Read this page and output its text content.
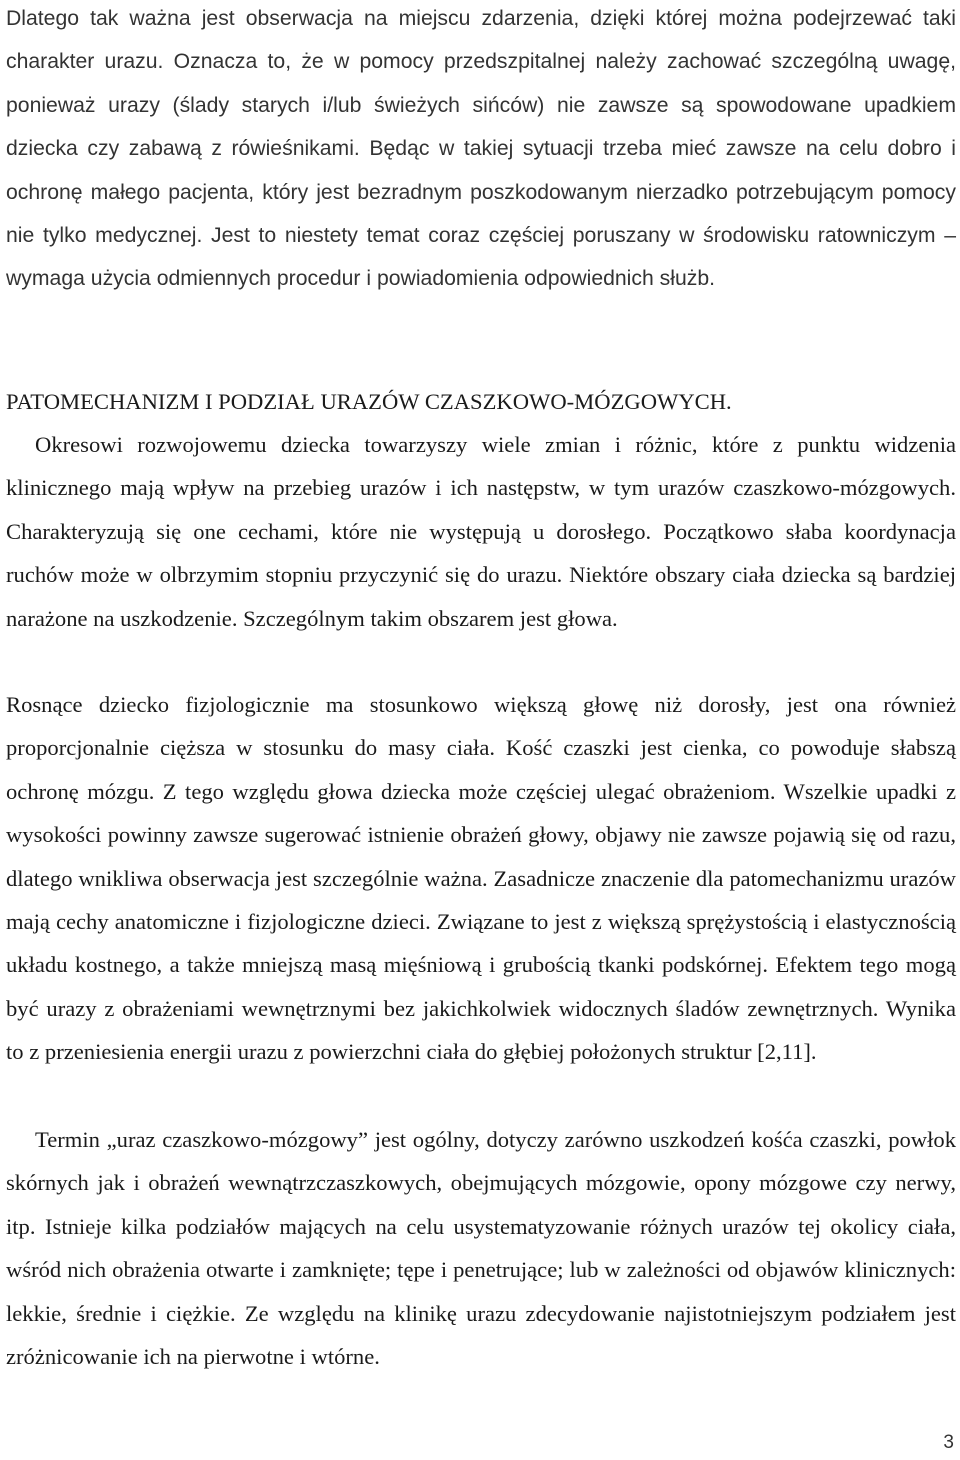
Dlatego tak ważna jest obserwacja na miejscu zdarzenia, dzięki której można podejrzewać taki charakter urazu. Oznacza to, że w pomocy przedszpitalnej należy zachować szczególną uwagę, ponieważ urazy (ślady starych i/lub świeżych sińców) nie zawsze są spowodowane upadkiem dziecka czy zabawą z rówieśnikami. Będąc w takiej sytuacji trzeba mieć zawsze na celu dobro i ochronę małego pacjenta, który jest bezradnym poszkodowanym nierzadko potrzebującym pomocy nie tylko medycznej. Jest to niestety temat coraz częściej poruszany w środowisku ratowniczym – wymaga użycia odmiennych procedur i powiadomienia odpowiednich służb.

PATOMECHANIZM I PODZIAŁ URAZÓW CZASZKOWO-MÓZGOWYCH.

Okresowi rozwojowemu dziecka towarzyszy wiele zmian i różnic, które z punktu widzenia klinicznego mają wpływ na przebieg urazów i ich następstw, w tym urazów czaszkowo-mózgowych. Charakteryzują się one cechami, które nie występują u dorosłego. Początkowo słaba koordynacja ruchów może w olbrzymim stopniu przyczynić się do urazu. Niektóre obszary ciała dziecka są bardziej narażone na uszkodzenie. Szczególnym takim obszarem jest głowa.

Rosnące dziecko fizjologicznie ma stosunkowo większą głowę niż dorosły, jest ona również proporcjonalnie cięższa w stosunku do masy ciała. Kość czaszki jest cienka, co powoduje słabszą ochronę mózgu. Z tego względu głowa dziecka może częściej ulegać obrażeniom. Wszelkie upadki z wysokości powinny zawsze sugerować istnienie obrażeń głowy, objawy nie zawsze pojawią się od razu, dlatego wnikliwa obserwacja jest szczególnie ważna. Zasadnicze znaczenie dla patomechanizmu urazów mają cechy anatomiczne i fizjologiczne dzieci. Związane to jest z większą sprężystością i elastycznością układu kostnego, a także mniejszą masą mięśniową i grubością tkanki podskórnej. Efektem tego mogą być urazy z obrażeniami wewnętrznymi bez jakichkolwiek widocznych śladów zewnętrznych. Wynika to z przeniesienia energii urazu z powierzchni ciała do głębiej położonych struktur [2,11].

Termin „uraz czaszkowo-mózgowy” jest ogólny, dotyczy zarówno uszkodzeń kośća czaszki, powłok skórnych jak i obrażeń wewnątrzczaszkowych, obejmujących mózgowie, opony mózgowe czy nerwy, itp. Istnieje kilka podziałów mających na celu usystematyzowanie różnych urazów tej okolicy ciała, wśród nich obrażenia otwarte i zamknięte; tępe i penetrujące; lub w zależności od objawów klinicznych: lekkie, średnie i ciężkie. Ze względu na klinikę urazu zdecydowanie najistotniejszym podziałem jest zróżnicowanie ich na pierwotne i wtórne.

3
